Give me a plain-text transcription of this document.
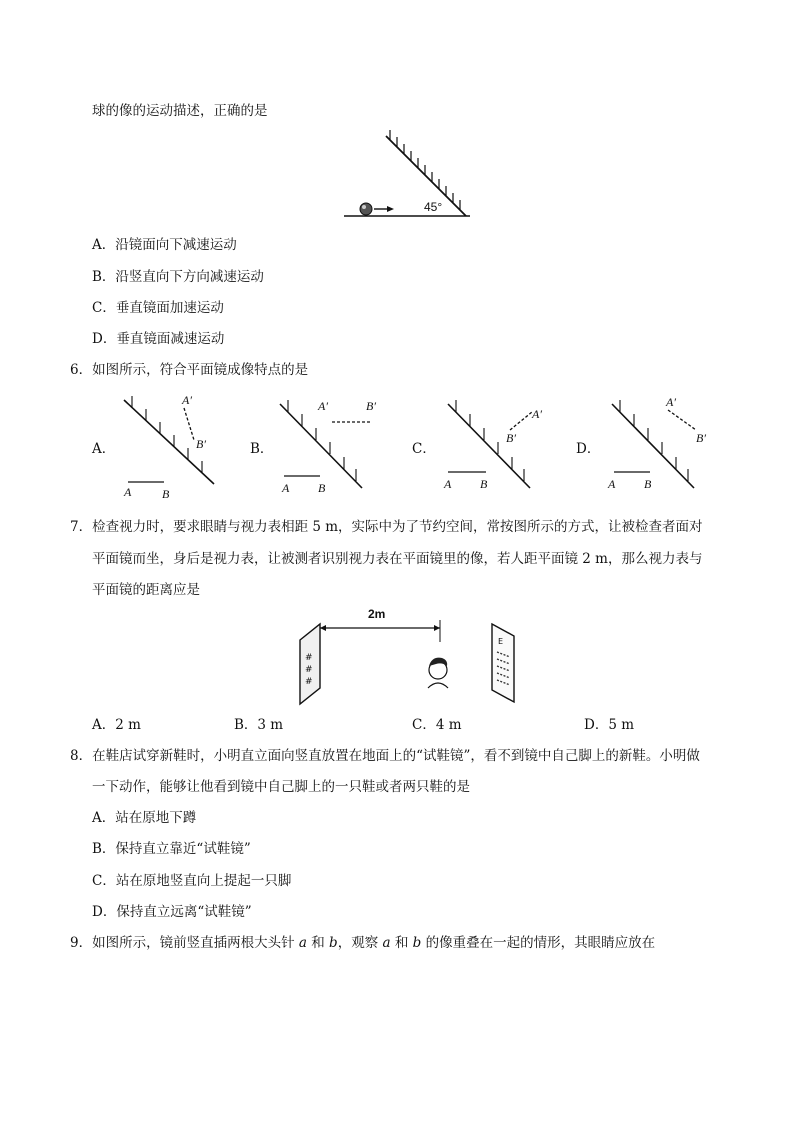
球的像的运动描述，正确的是
45°
A．沿镜面向下减速运动
B．沿竖直向下方向减速运动
C．垂直镜面加速运动
D．垂直镜面减速运动
6．如图所示，符合平面镜成像特点的是
A．	B．	C．	D．
A	B
A′
B′
A B
A′	B′
A B
B′
A′
A B
A′
B′
7．检查视力时，要求眼睛与视力表相距 5 m，实际中为了节约空间，常按图所示的方式，让被检查者面对
平面镜而坐，身后是视力表，让被测者识别视力表在平面镜里的像，若人距平面镜 2 m，那么视力表与
平面镜的距离应是
2m
#
#
#
E
A．2 m	B．3 m	C．4 m	D．5 m
8．在鞋店试穿新鞋时，小明直立面向竖直放置在地面上的“试鞋镜”，看不到镜中自己脚上的新鞋。小明做
一下动作，能够让他看到镜中自己脚上的一只鞋或者两只鞋的是
A．站在原地下蹲
B．保持直立靠近“试鞋镜”
C．站在原地竖直向上提起一只脚
D．保持直立远离“试鞋镜”
9．如图所示，镜前竖直插两根大头针 a 和 b，观察 a 和 b 的像重叠在一起的情形，其眼睛应放在
